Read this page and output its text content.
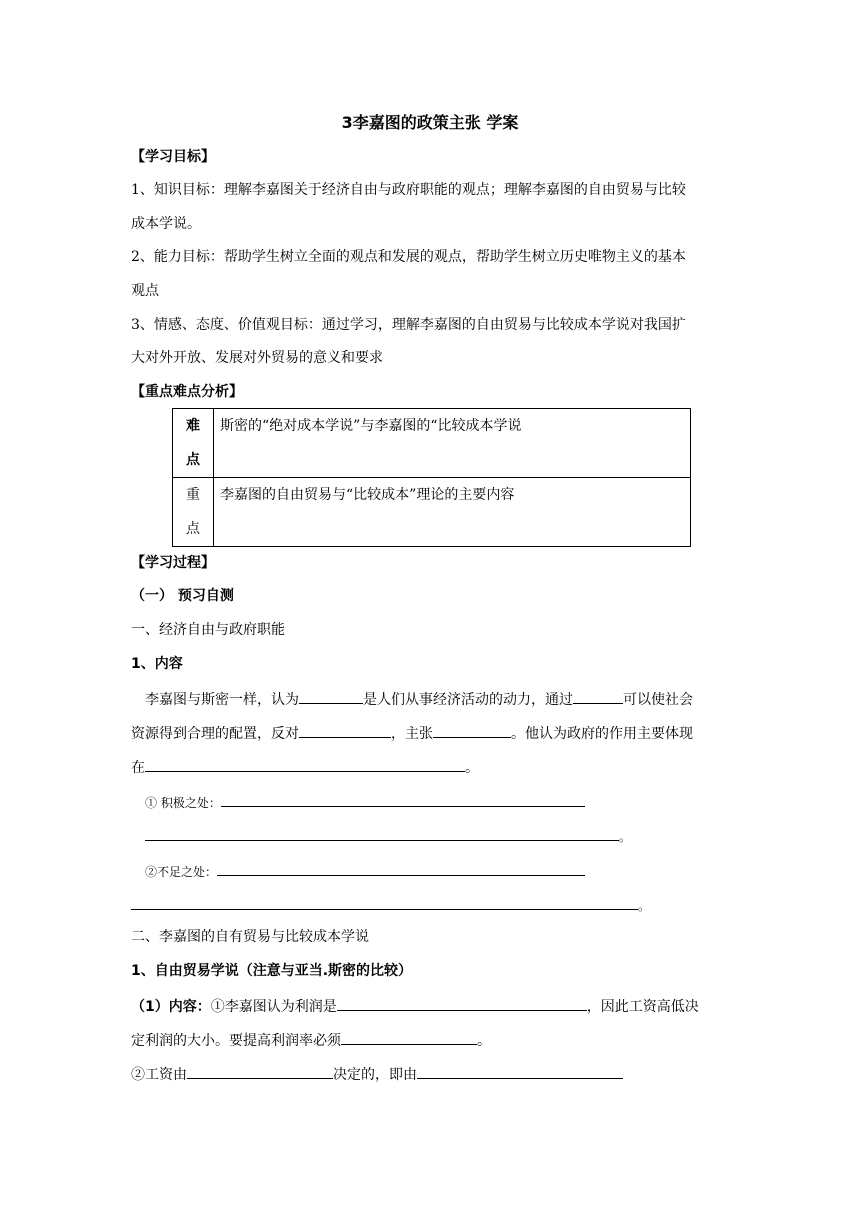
3李嘉图的政策主张 学案
【学习目标】
1、知识目标：理解李嘉图关于经济自由与政府职能的观点；理解李嘉图的自由贸易与比较
成本学说。
2、能力目标：帮助学生树立全面的观点和发展的观点，帮助学生树立历史唯物主义的基本
观点
3、情感、态度、价值观目标：通过学习，理解李嘉图的自由贸易与比较成本学说对我国扩
大对外开放、发展对外贸易的意义和要求
【重点难点分析】
难
点	斯密的“绝对成本学说”与李嘉图的“比较成本学说

重
点	李嘉图的自由贸易与“比较成本”理论的主要内容
【学习过程】
（一） 预习自测
一、经济自由与政府职能
1、内容
李嘉图与斯密一样，认为	是人们从事经济活动的动力，通过	可以使社会
资源得到合理的配置，反对	，主张	。他认为政府的作用主要体现
在	。
① 积极之处：
。
②不足之处：
。
二、李嘉图的自有贸易与比较成本学说
1、自由贸易学说（注意与亚当.斯密的比较）
（1）内容：①李嘉图认为利润是	，因此工资高低决
定利润的大小。要提高利润率必须	。
②工资由	决定的，即由
